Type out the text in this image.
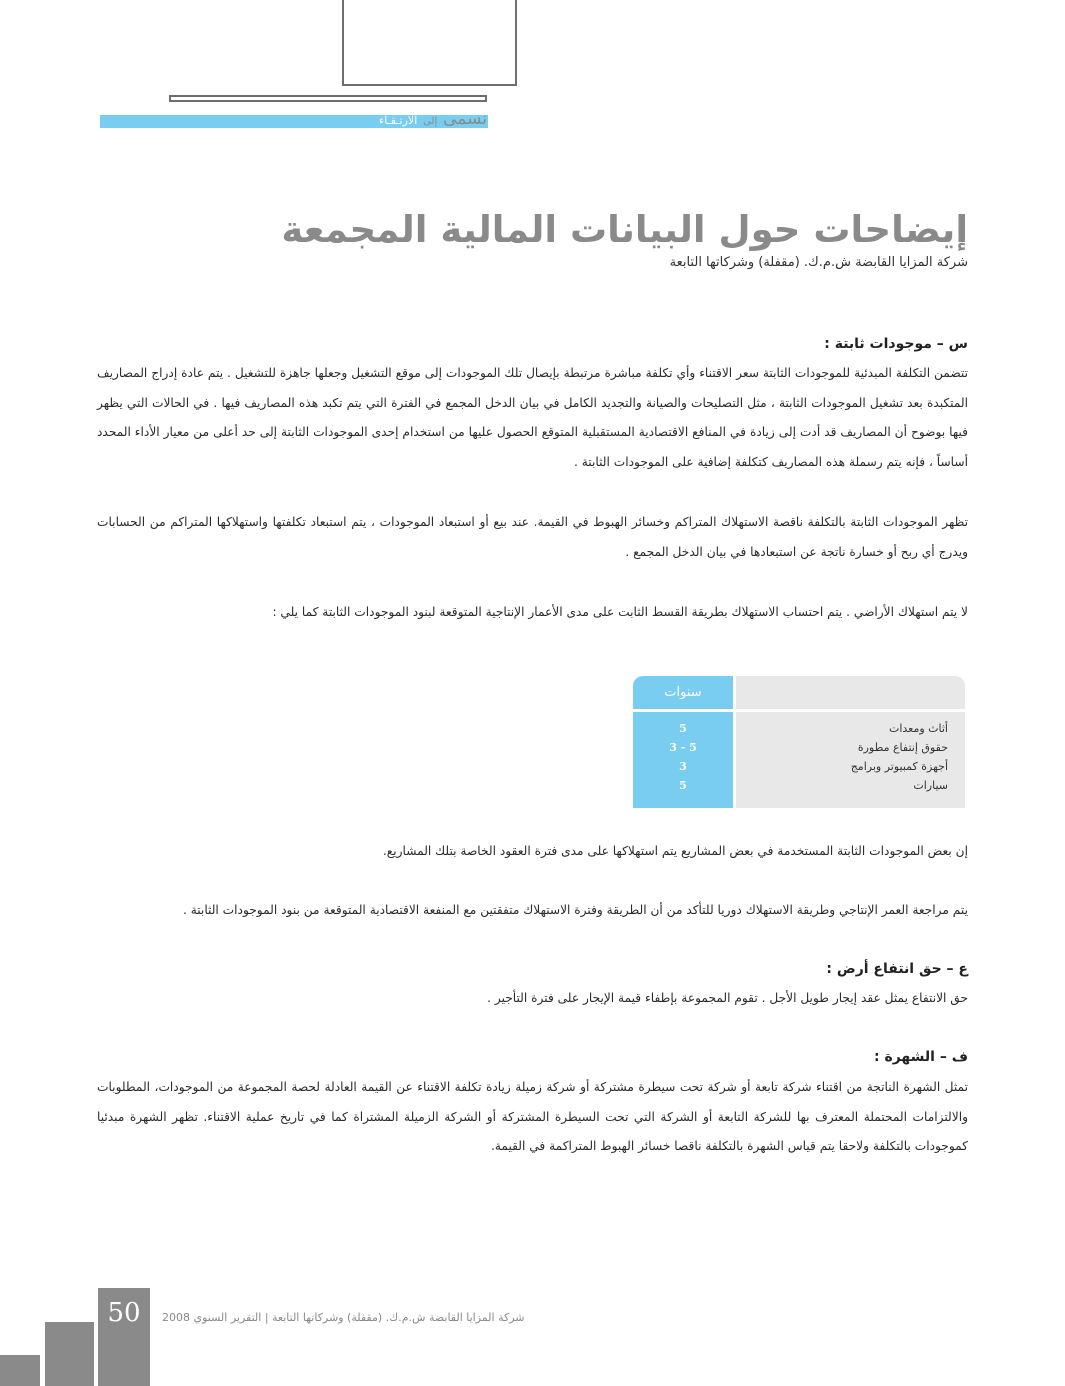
نسمى إلى الارتـقـاء
إيضاحات حول البيانات المالية المجمعة
شركة المزايا القابضة ش.م.ك. (مقفلة) وشركاتها التابعة
س – موجودات ثابتة :
تتضمن التكلفة المبدئية للموجودات الثابتة سعر الاقتناء وأي تكلفة مباشرة مرتبطة بإيصال تلك الموجودات إلى موقع التشغيل وجعلها جاهزة للتشغيل . يتم عادة إدراج المصاريف المتكبدة بعد تشغيل الموجودات الثابتة ، مثل التصليحات والصيانة والتجديد الكامل في بيان الدخل المجمع في الفترة التي يتم تكبد هذه المصاريف فيها . في الحالات التي يظهر فيها بوضوح أن المصاريف قد أدت إلى زيادة في المنافع الاقتصادية المستقبلية المتوقع الحصول عليها من استخدام إحدى الموجودات الثابتة إلى حد أعلى من معيار الأداء المحدد أساساً ، فإنه يتم رسملة هذه المصاريف كتكلفة إضافية على الموجودات الثابتة .
تظهر الموجودات الثابتة بالتكلفة ناقصة الاستهلاك المتراكم وخسائر الهبوط في القيمة. عند بيع أو استبعاد الموجودات ، يتم استبعاد تكلفتها واستهلاكها المتراكم من الحسابات ويدرج أي ربح أو خسارة ناتجة عن استبعادها في بيان الدخل المجمع .
لا يتم استهلاك الأراضي . يتم احتساب الاستهلاك بطريقة القسط الثابت على مدى الأعمار الإنتاجية المتوقعة لبنود الموجودات الثابتة كما يلي :
سنوات
أثاث ومعدات
حقوق إنتفاع مطورة
أجهزة كمبيوتر وبرامج
سيارات
5
3 - 5
3
5
إن بعض الموجودات الثابتة المستخدمة في بعض المشاريع يتم استهلاكها على مدى فترة العقود الخاصة بتلك المشاريع.
يتم مراجعة العمر الإنتاجي وطريقة الاستهلاك دوريا للتأكد من أن الطريقة وفترة الاستهلاك متفقتين مع المنفعة الاقتصادية المتوقعة من بنود الموجودات الثابتة .
ع – حق انتفاع أرض :
حق الانتفاع يمثل عقد إيجار طويل الأجل . تقوم المجموعة بإطفاء قيمة الإيجار على فترة التأجير .
ف – الشهرة :
تمثل الشهرة الناتجة من اقتناء شركة تابعة أو شركة تحت سيطرة مشتركة أو شركة زميلة زيادة تكلفة الاقتناء عن القيمة العادلة لحصة المجموعة من الموجودات، المطلوبات والالتزامات المحتملة المعترف بها للشركة التابعة أو الشركة التي تحت السيطرة المشتركة أو الشركة الزميلة المشتراة كما في تاريخ عملية الاقتناء. تظهر الشهرة مبدئيا كموجودات بالتكلفة ولاحقا يتم قياس الشهرة بالتكلفة ناقصا خسائر الهبوط المتراكمة في القيمة.
50	شركة المزايا القابضة ش.م.ك. (مقفلة) وشركاتها التابعة | التقرير السنوي 2008
